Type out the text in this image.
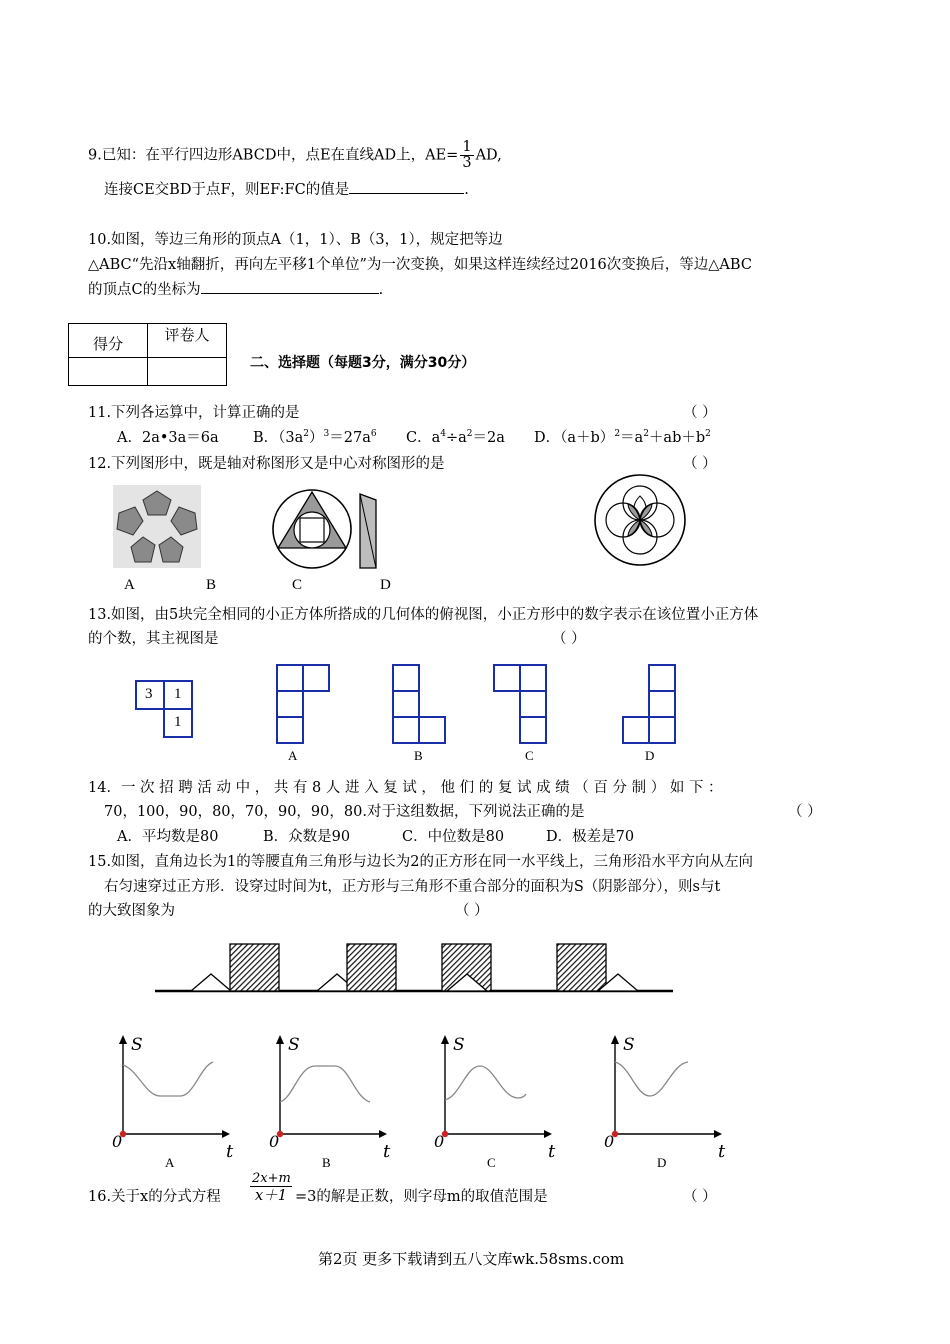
9.已知：在平行四边形ABCD中，点E在直线AD上，$AE= \frac{1}{3}$ AD,
连接CE交BD于点F，则EF:FC的值是	.
10.如图，等边三角形的顶点A（1，1）、B（3，1），规定把等边
△ABC“先沿x轴翻折，再向左平移1个单位”为一次变换，如果这样连续经过2016次变换后，等边△ABC
的顶点C的坐标为	.
得分	评卷人

二、选择题（每题3分，满分30分）
11.下列各运算中，计算正确的是	（ ）
A．2a•3a＝6a B．$(3a^2)^3=27a^6$ C．$a^4\div a^2=2a$ D．$(a+b)^2=a^2+ab+b^2$
12.下列图形中，既是轴对称图形又是中心对称图形的是	（ ）
A	B	C	D
13.如图，由5块完全相同的小正方体所搭成的几何体的俯视图，小正方形中的数字表示在该位置小正方体
的个数，其主视图是	（ ）
3 1
1
A	B	C	D
14．一 次 招 聘 活 动 中 ， 共 有 8 人 进 入 复 试 ， 他 们 的 复 试 成 绩 （ 百 分 制 ） 如 下 ：
70，100，90，80，70，90，90，80.对于这组数据，下列说法正确的是	（ ）
A．平均数是80	B．众数是90	C．中位数是80	D．极差是70
15.如图，直角边长为1的等腰直角三角形与边长为2的正方形在同一水平线上，三角形沿水平方向从左向
右匀速穿过正方形．设穿过时间为t，正方形与三角形不重合部分的面积为S（阴影部分），则s与t
的大致图象为	（ ）
S	S	S	S
t	t	t	t
0	0	0	0
A	B	C	D
16.关于x的分式方程 $\frac{2x+m}{x+1} =3$的解是正数，则字母m的取值范围是	（ ）
第2页 更多下载请到五八文库wk.58sms.com
